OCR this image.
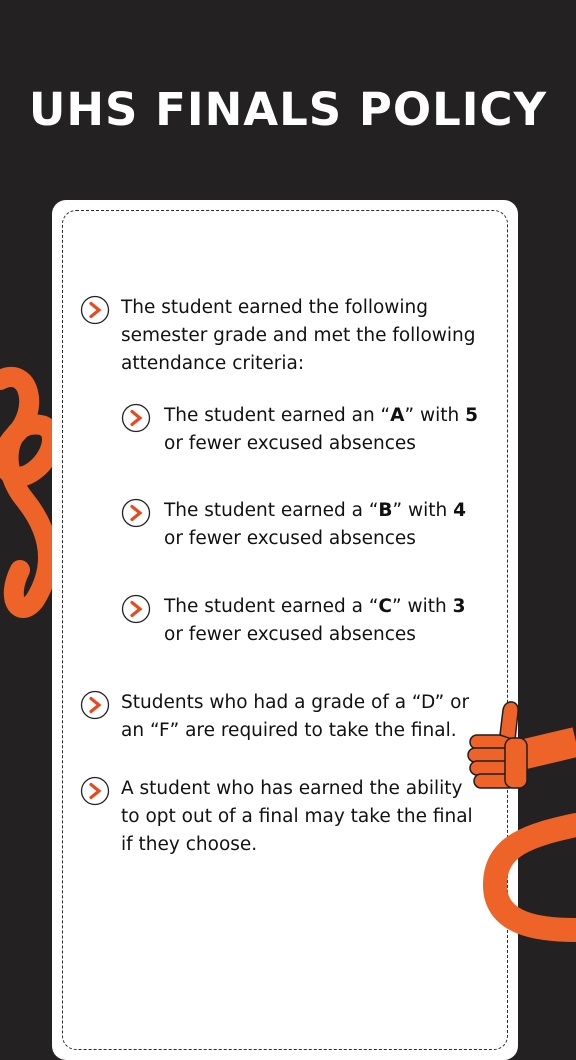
UHS FINALS POLICY
The student earned the following
semester grade and met the following
attendance criteria:
The student earned an “A” with 5
or fewer excused absences
The student earned a “B” with 4
or fewer excused absences
The student earned a “C” with 3
or fewer excused absences
Students who had a grade of a “D” or
an “F” are required to take the final.
A student who has earned the ability
to opt out of a final may take the final
if they choose.
